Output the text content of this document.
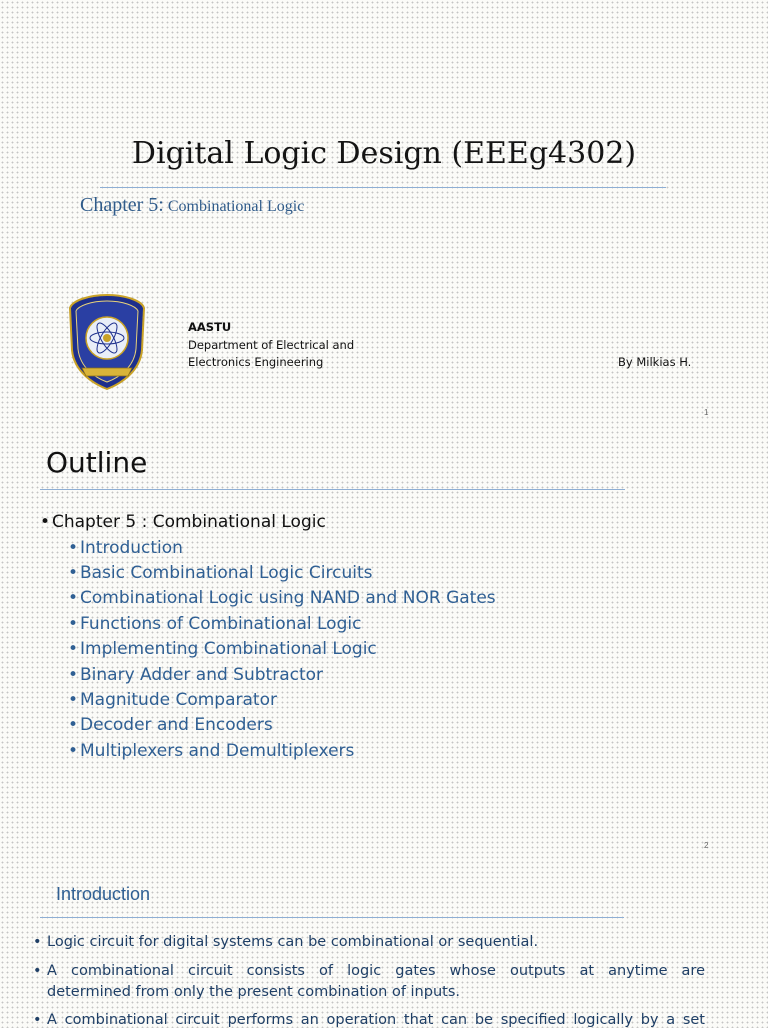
Digital Logic Design (EEEg4302)
Chapter 5: Combinational Logic
AASTU
Department of Electrical and
Electronics Engineering	By Milkias H.
1
Outline
• Chapter 5 : Combinational Logic
• Introduction
• Basic Combinational Logic Circuits
• Combinational Logic using NAND and NOR Gates
• Functions of Combinational Logic
• Implementing Combinational Logic
• Binary Adder and Subtractor
• Magnitude Comparator
• Decoder and Encoders
• Multiplexers and Demultiplexers
2
Introduction
• Logic circuit for digital systems can be combinational or sequential.
• A combinational circuit consists of logic gates whose outputs at anytime are
determined from only the present combination of inputs.
• A combinational circuit performs an operation that can be specified logically by a set
